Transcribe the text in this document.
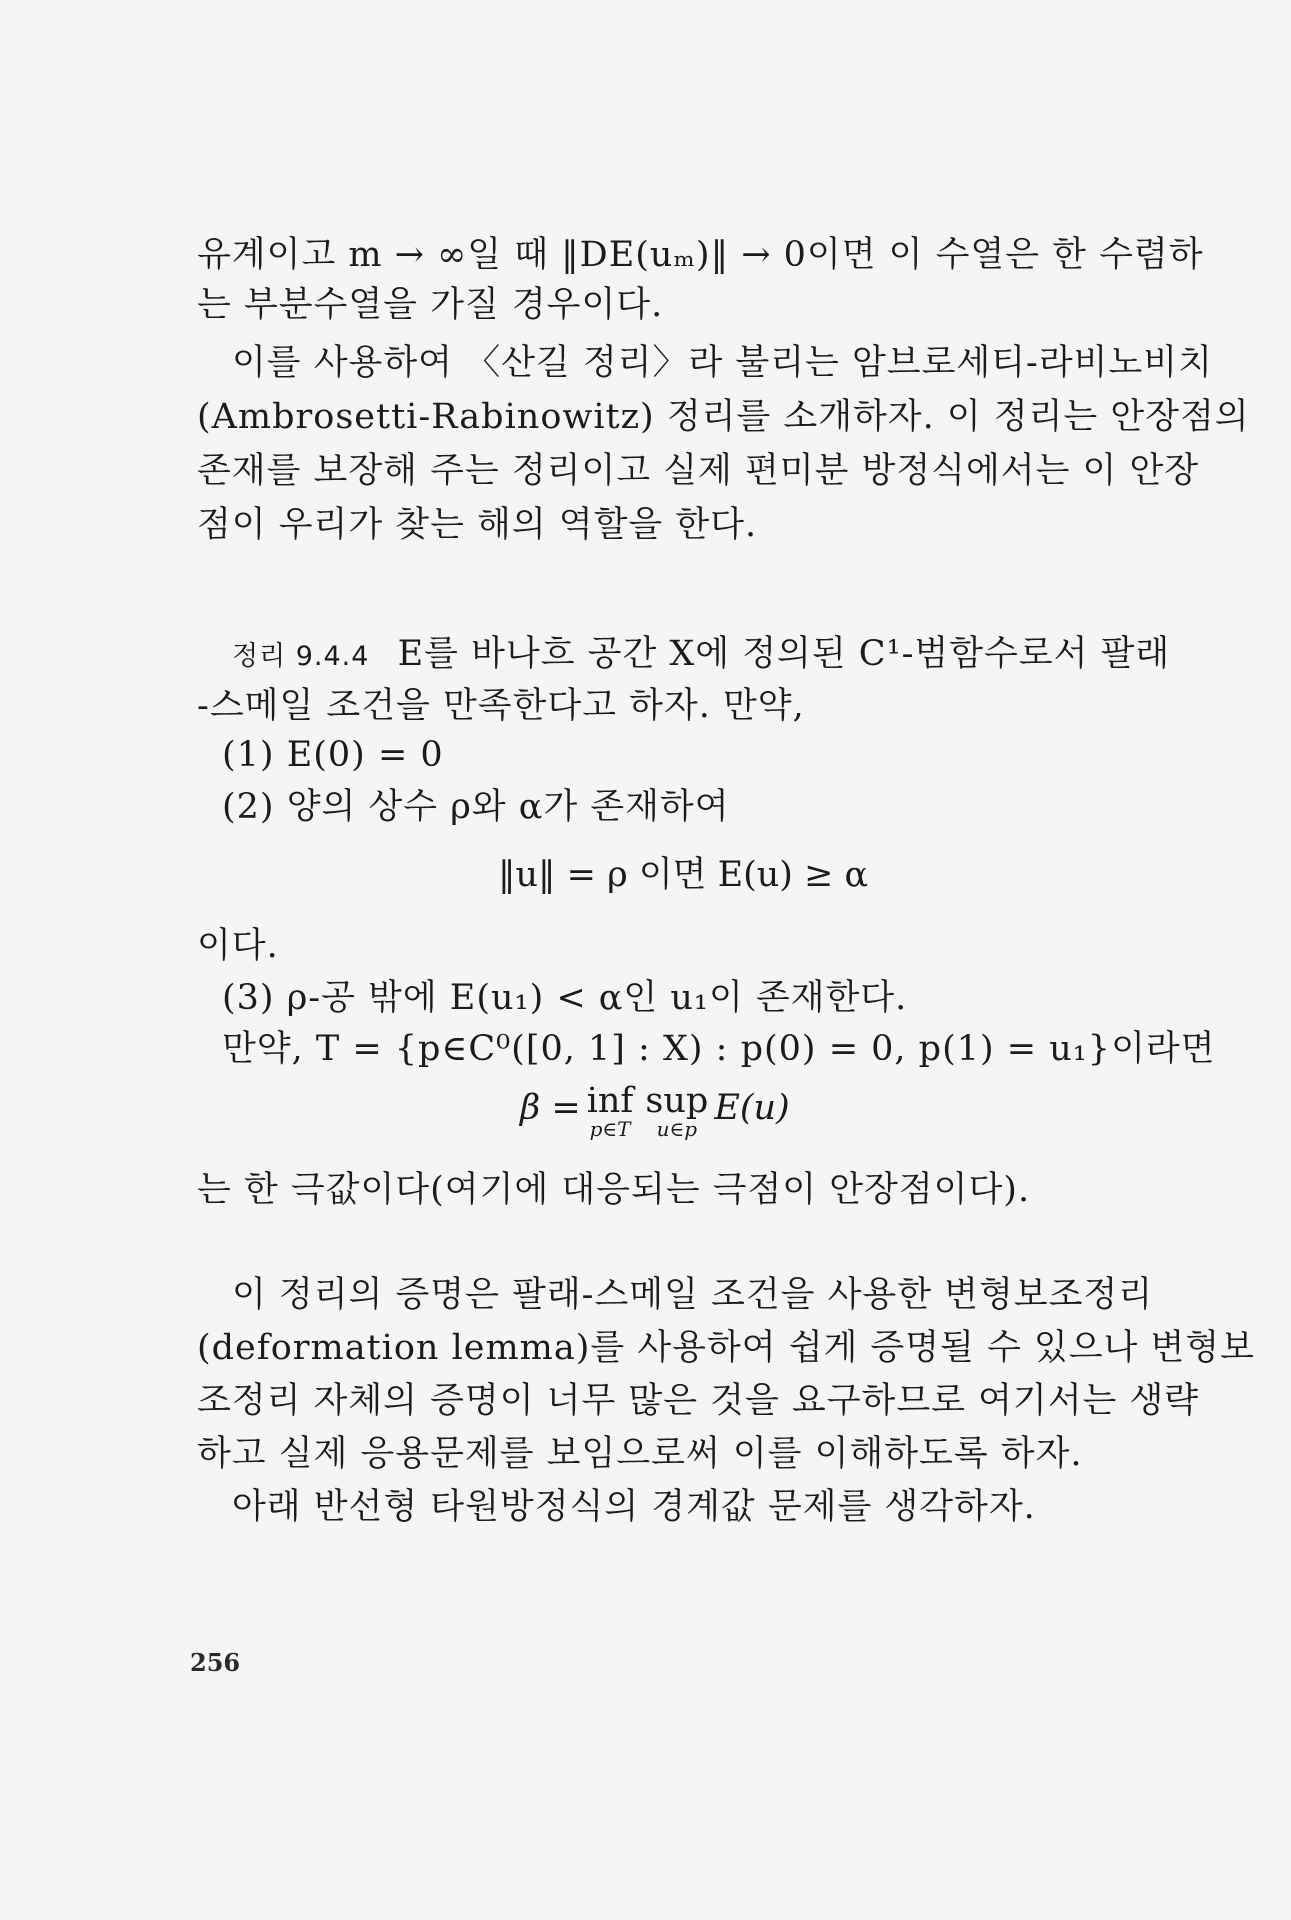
유계이고 m → ∞일 때 ‖DE(uₘ)‖ → 0이면 이 수열은 한 수렴하
는 부분수열을 가질 경우이다.
이를 사용하여 〈산길 정리〉라 불리는 암브로세티-라비노비치
(Ambrosetti-Rabinowitz) 정리를 소개하자. 이 정리는 안장점의
존재를 보장해 주는 정리이고 실제 편미분 방정식에서는 이 안장
점이 우리가 찾는 해의 역할을 한다.
정리 9.4.4 E를 바나흐 공간 X에 정의된 C¹-범함수로서 팔래
-스메일 조건을 만족한다고 하자. 만약,
(1) E(0) = 0
(2) 양의 상수 ρ와 α가 존재하여
‖u‖ = ρ 이면 E(u) ≥ α
이다.
(3) ρ-공 밖에 E(u₁) < α인 u₁이 존재한다.
만약, T = {p∈C⁰([0, 1] : X) : p(0) = 0, p(1) = u₁}이라면
β = inf
p∈T
sup
u∈p
E(u)
는 한 극값이다(여기에 대응되는 극점이 안장점이다).
이 정리의 증명은 팔래-스메일 조건을 사용한 변형보조정리
(deformation lemma)를 사용하여 쉽게 증명될 수 있으나 변형보
조정리 자체의 증명이 너무 많은 것을 요구하므로 여기서는 생략
하고 실제 응용문제를 보임으로써 이를 이해하도록 하자.
아래 반선형 타원방정식의 경계값 문제를 생각하자.
256
